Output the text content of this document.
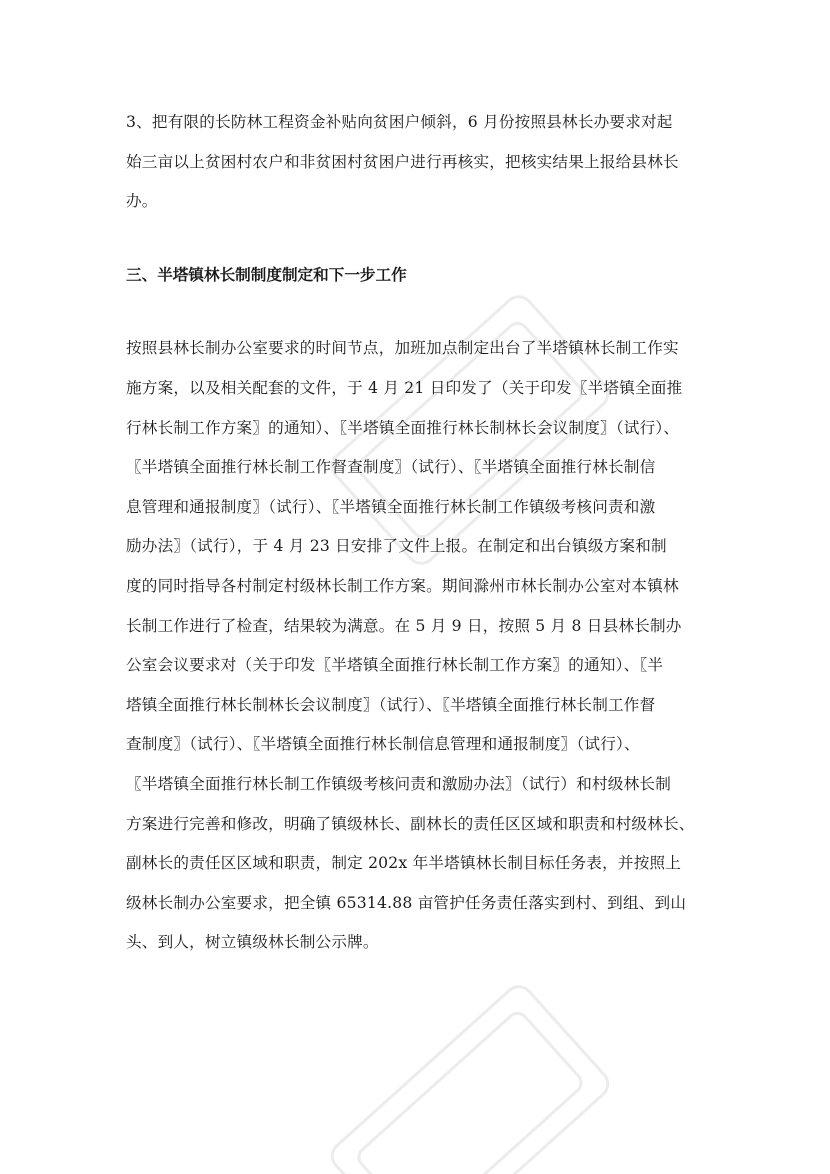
3、把有限的长防林工程资金补贴向贫困户倾斜，6 月份按照县林长办要求对起
始三亩以上贫困村农户和非贫困村贫困户进行再核实，把核实结果上报给县林长
办。

三、半塔镇林长制制度制定和下一步工作

按照县林长制办公室要求的时间节点，加班加点制定出台了半塔镇林长制工作实
施方案，以及相关配套的文件，于 4 月 21 日印发了（关于印发〖半塔镇全面推
行林长制工作方案〗的通知）、〖半塔镇全面推行林长制林长会议制度〗（试行）、
〖半塔镇全面推行林长制工作督查制度〗（试行）、〖半塔镇全面推行林长制信
息管理和通报制度〗（试行）、〖半塔镇全面推行林长制工作镇级考核问责和激
励办法〗（试行），于 4 月 23 日安排了文件上报。在制定和出台镇级方案和制
度的同时指导各村制定村级林长制工作方案。期间滁州市林长制办公室对本镇林
长制工作进行了检查，结果较为满意。在 5 月 9 日，按照 5 月 8 日县林长制办
公室会议要求对（关于印发〖半塔镇全面推行林长制工作方案〗的通知）、〖半
塔镇全面推行林长制林长会议制度〗（试行）、〖半塔镇全面推行林长制工作督
查制度〗（试行）、〖半塔镇全面推行林长制信息管理和通报制度〗（试行）、
〖半塔镇全面推行林长制工作镇级考核问责和激励办法〗（试行）和村级林长制
方案进行完善和修改，明确了镇级林长、副林长的责任区区域和职责和村级林长、
副林长的责任区区域和职责，制定 202x 年半塔镇林长制目标任务表，并按照上
级林长制办公室要求，把全镇 65314.88 亩管护任务责任落实到村、到组、到山
头、到人，树立镇级林长制公示牌。
